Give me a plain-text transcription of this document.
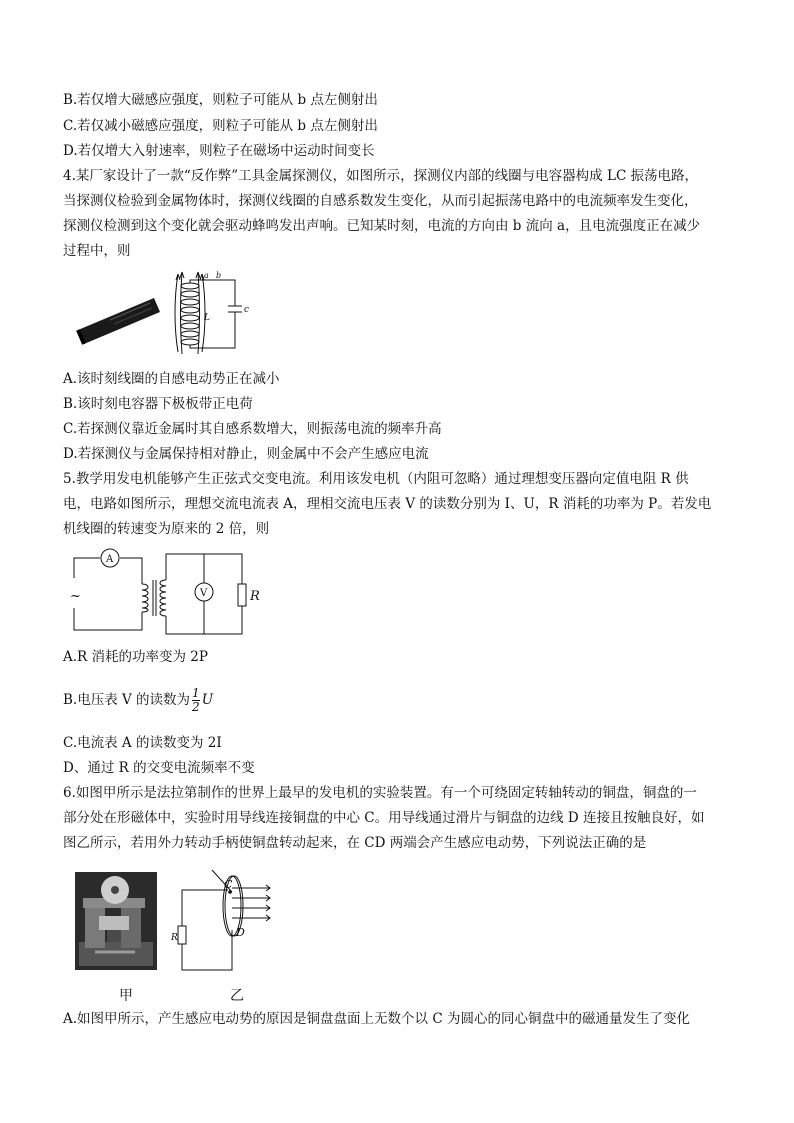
B.若仅增大磁感应强度，则粒子可能从 b 点左侧射出
C.若仅减小磁感应强度，则粒子可能从 b 点左侧射出
D.若仅增大入射速率，则粒子在磁场中运动时间变长
4.某厂家设计了一款“反作弊”工具金属探测仪，如图所示，探测仪内部的线圈与电容器构成 LC 振荡电路，
当探测仪检验到金属物体时，探测仪线圈的自感系数发生变化，从而引起振荡电路中的电流频率发生变化，
探测仪检测到这个变化就会驱动蜂鸣发出声响。已知某时刻，电流的方向由 b 流向 a，且电流强度正在减少
过程中，则
a b
L
c
A.该时刻线圈的自感电动势正在减小
B.该时刻电容器下极板带正电荷
C.若探测仪靠近金属时其自感系数增大，则振荡电流的频率升高
D.若探测仪与金属保持相对静止，则金属中不会产生感应电流
5.教学用发电机能够产生正弦式交变电流。利用该发电机（内阻可忽略）通过理想变压器向定值电阻 R 供
电，电路如图所示，理想交流电流表 A，理相交流电压表 V 的读数分别为 I、U，R 消耗的功率为 P。若发电
机线圈的转速变为原来的 2 倍，则
~
A
V	R
A.R 消耗的功率变为 2P
B.电压表 V 的读数为 $\frac{1}{2}$ U
C.电流表 A 的读数变为 2I
D、通过 R 的交变电流频率不变
6.如图甲所示是法拉第制作的世界上最早的发电机的实验装置。有一个可绕固定转轴转动的铜盘，铜盘的一
部分处在形磁体中，实验时用导线连接铜盘的中心 C。用导线通过滑片与铜盘的边线 D 连接且按触良好，如
图乙所示，若用外力转动手柄使铜盘转动起来，在 CD 两端会产生感应电动势，下列说法正确的是
C
D
R
甲	乙
A.如图甲所示，产生感应电动势的原因是铜盘盘面上无数个以 C 为圆心的同心铜盘中的磁通量发生了变化
